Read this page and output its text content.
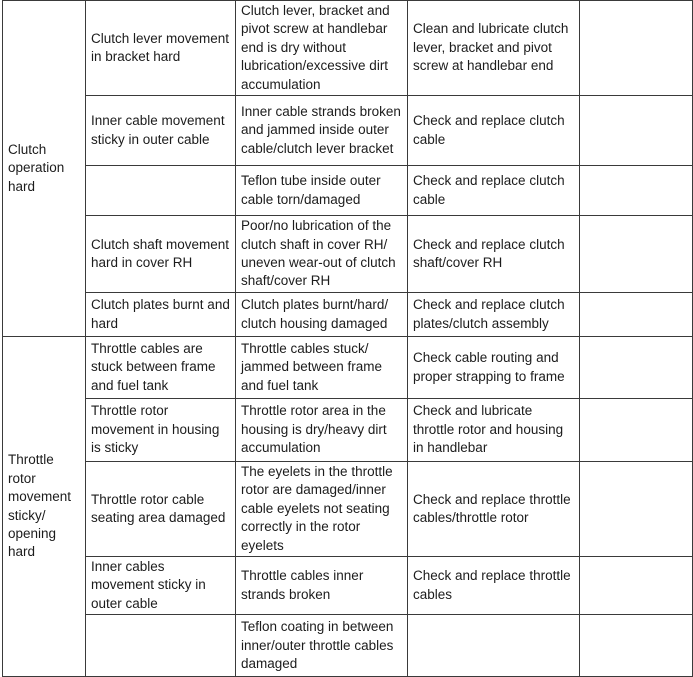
Clutch operation hard	Clutch lever movement in bracket hard	Clutch lever, bracket and pivot screw at handlebar end is dry without lubrication/excessive dirt accumulation	Clean and lubricate clutch lever, bracket and pivot screw at handlebar end	
	Inner cable movement sticky in outer cable	Inner cable strands broken and jammed inside outer cable/clutch lever bracket	Check and replace clutch cable	
		Teflon tube inside outer cable torn/damaged	Check and replace clutch cable	
	Clutch shaft movement hard in cover RH	Poor/no lubrication of the clutch shaft in cover RH/ uneven wear-out of clutch shaft/cover RH	Check and replace clutch shaft/cover RH	
	Clutch plates burnt and hard	Clutch plates burnt/hard/ clutch housing damaged	Check and replace clutch plates/clutch assembly	
Throttle rotor movement sticky/ opening hard	Throttle cables are stuck between frame and fuel tank	Throttle cables stuck/ jammed between frame and fuel tank	Check cable routing and proper strapping to frame	
	Throttle rotor movement in housing is sticky	Throttle rotor area in the housing is dry/heavy dirt accumulation	Check and lubricate throttle rotor and housing in handlebar	
	Throttle rotor cable seating area damaged	The eyelets in the throttle rotor are damaged/inner cable eyelets not seating correctly in the rotor eyelets	Check and replace throttle cables/throttle rotor	
	Inner cables movement sticky in outer cable	Throttle cables inner strands broken	Check and replace throttle cables	
		Teflon coating in between inner/outer throttle cables damaged		
